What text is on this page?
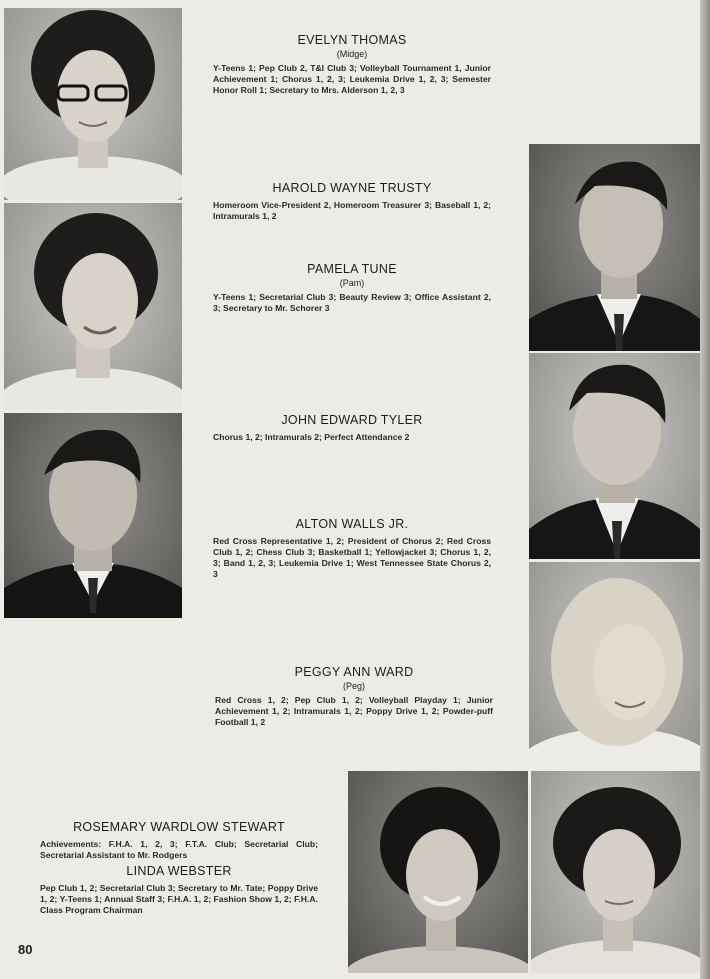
EVELYN THOMAS
(Midge)
Y-Teens 1; Pep Club 2, T&I Club 3; Volleyball Tournament 1, Junior Achievement 1; Chorus 1, 2, 3; Leukemia Drive 1, 2, 3; Semester Honor Roll 1; Secretary to Mrs. Alderson 1, 2, 3
HAROLD WAYNE TRUSTY
Homeroom Vice-President 2, Homeroom Treasurer 3; Baseball 1, 2; Intramurals 1, 2
PAMELA TUNE
(Pam)
Y-Teens 1; Secretarial Club 3; Beauty Review 3; Office Assistant 2, 3; Secretary to Mr. Schorer 3
JOHN EDWARD TYLER
Chorus 1, 2; Intramurals 2; Perfect Attendance 2
ALTON WALLS JR.
Red Cross Representative 1, 2; President of Chorus 2; Red Cross Club 1, 2; Chess Club 3; Basketball 1; Yellowjacket 3; Chorus 1, 2, 3; Band 1, 2, 3; Leukemia Drive 1; West Tennessee State Chorus 2, 3
PEGGY ANN WARD
(Peg)
Red Cross 1, 2; Pep Club 1, 2; Volleyball Playday 1; Junior Achievement 1, 2; Intramurals 1, 2; Poppy Drive 1, 2; Powder-puff Football 1, 2
ROSEMARY WARDLOW STEWART
Achievements: F.H.A. 1, 2, 3; F.T.A. Club; Secretarial Club; Secretarial Assistant to Mr. Rodgers
LINDA WEBSTER
Pep Club 1, 2; Secretarial Club 3; Secretary to Mr. Tate; Poppy Drive 1, 2; Y-Teens 1; Annual Staff 3; F.H.A. 1, 2; Fashion Show 1, 2; F.H.A. Class Program Chairman
80
